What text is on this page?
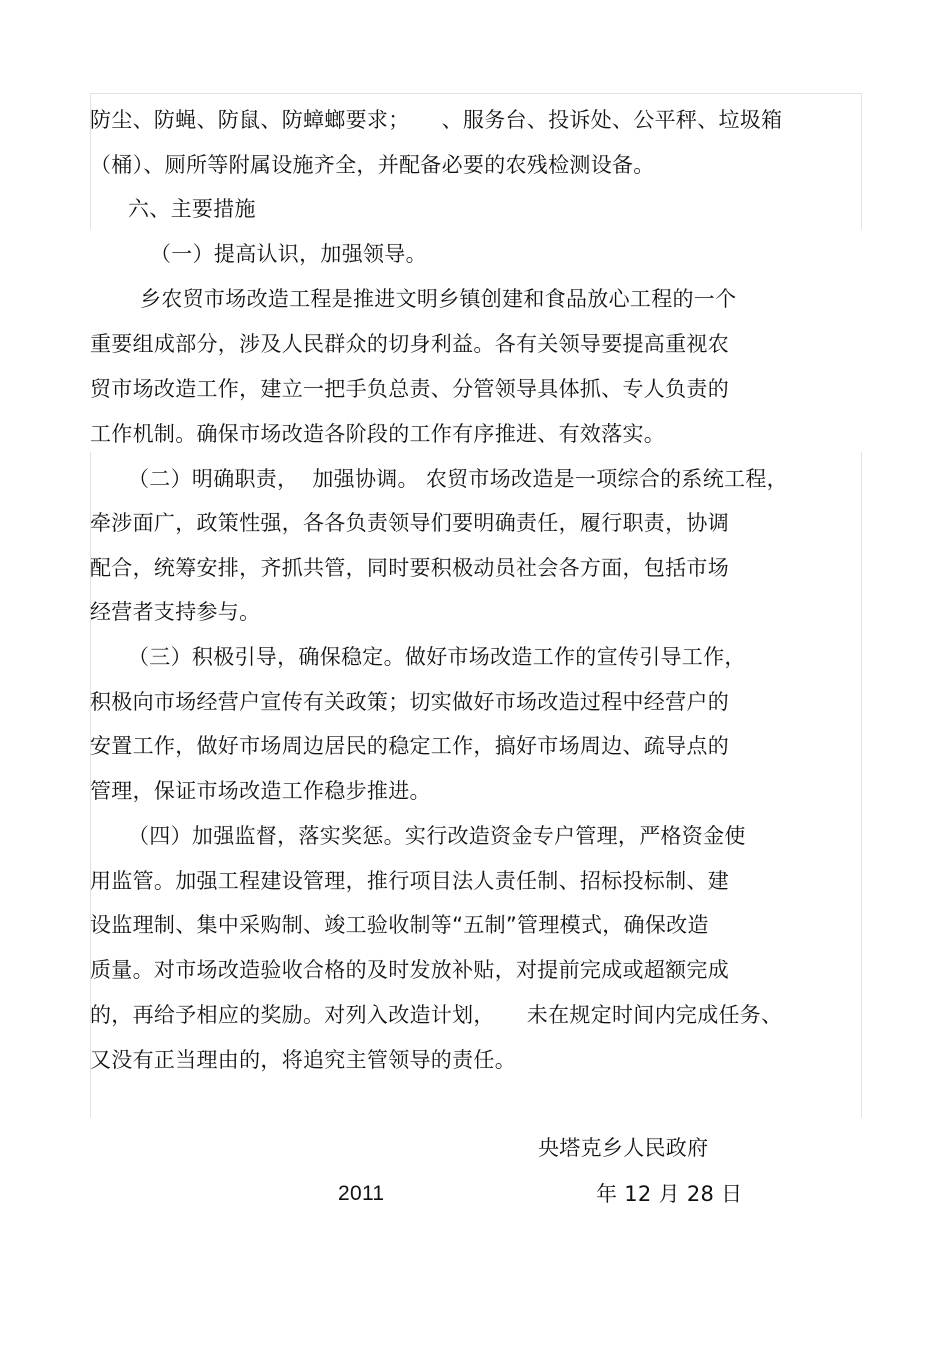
防尘、防蝇、防鼠、防蟑螂要求；　　、服务台、投诉处、公平秤、垃圾箱
（桶）、厕所等附属设施齐全，并配备必要的农残检测设备。
六、主要措施
（一）提高认识，加强领导。
乡农贸市场改造工程是推进文明乡镇创建和食品放心工程的一个
重要组成部分，涉及人民群众的切身利益。各有关领导要提高重视农
贸市场改造工作，建立一把手负总责、分管领导具体抓、专人负责的
工作机制。确保市场改造各阶段的工作有序推进、有效落实。
（二）明确职责，  加强协调。 农贸市场改造是一项综合的系统工程，
牵涉面广，政策性强，各各负责领导们要明确责任，履行职责，协调
配合，统筹安排，齐抓共管，同时要积极动员社会各方面，包括市场
经营者支持参与。
（三）积极引导，确保稳定。做好市场改造工作的宣传引导工作，
积极向市场经营户宣传有关政策；切实做好市场改造过程中经营户的
安置工作，做好市场周边居民的稳定工作，搞好市场周边、疏导点的
管理，保证市场改造工作稳步推进。
（四）加强监督，落实奖惩。实行改造资金专户管理，严格资金使
用监管。加强工程建设管理，推行项目法人责任制、招标投标制、建
设监理制、集中采购制、竣工验收制等“五制”管理模式，确保改造
质量。对市场改造验收合格的及时发放补贴，对提前完成或超额完成
的，再给予相应的奖励。对列入改造计划，　　未在规定时间内完成任务、
又没有正当理由的，将追究主管领导的责任。
央塔克乡人民政府
2011	年 12 月 28 日
